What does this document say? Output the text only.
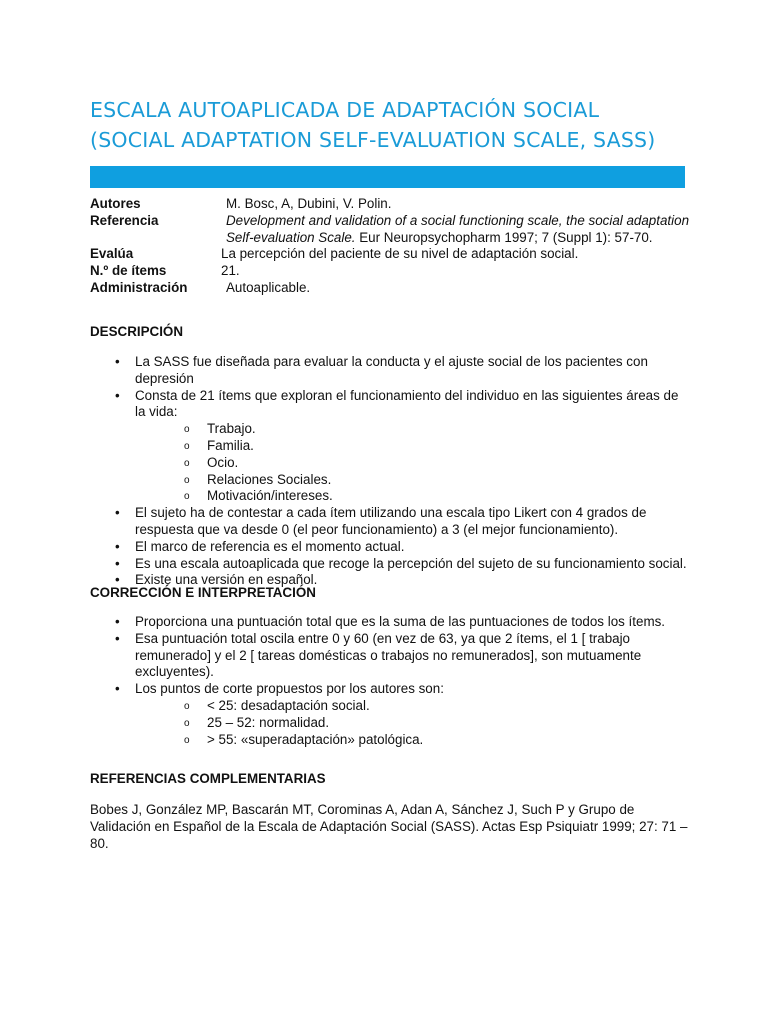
ESCALA AUTOAPLICADA DE ADAPTACIÓN SOCIAL
(SOCIAL ADAPTATION SELF-EVALUATION SCALE, SASS)
Autores	M. Bosc, A, Dubini, V. Polin.
Referencia	Development and validation of a social functioning scale, the social adaptation Self-evaluation Scale. Eur Neuropsychopharm 1997; 7 (Suppl 1): 57-70.
Evalúa	La percepción del paciente de su nivel de adaptación social.
N.º de ítems	21.
Administración	Autoaplicable.
DESCRIPCIÓN
• La SASS fue diseñada para evaluar la conducta y el ajuste social de los pacientes con depresión
• Consta de 21 ítems que exploran el funcionamiento del individuo en las siguientes áreas de la vida:
o Trabajo.
o Familia.
o Ocio.
o Relaciones Sociales.
o Motivación/intereses.
• El sujeto ha de contestar a cada ítem utilizando una escala tipo Likert con 4 grados de respuesta que va desde 0 (el peor funcionamiento) a 3 (el mejor funcionamiento).
• El marco de referencia es el momento actual.
• Es una escala autoaplicada que recoge la percepción del sujeto de su funcionamiento social.
• Existe una versión en español.
CORRECCIÓN E INTERPRETACIÓN
• Proporciona una puntuación total que es la suma de las puntuaciones de todos los ítems.
• Esa puntuación total oscila entre 0 y 60 (en vez de 63, ya que 2 ítems, el 1 [ trabajo remunerado] y el 2 [ tareas domésticas o trabajos no remunerados], son mutuamente excluyentes).
• Los puntos de corte propuestos por los autores son:
o < 25: desadaptación social.
o 25 – 52: normalidad.
o > 55: «superadaptación» patológica.
REFERENCIAS COMPLEMENTARIAS

Bobes J, González MP, Bascarán MT, Corominas A, Adan A, Sánchez J, Such P y Grupo de Validación en Español de la Escala de Adaptación Social (SASS). Actas Esp Psiquiatr 1999; 27: 71 – 80.
